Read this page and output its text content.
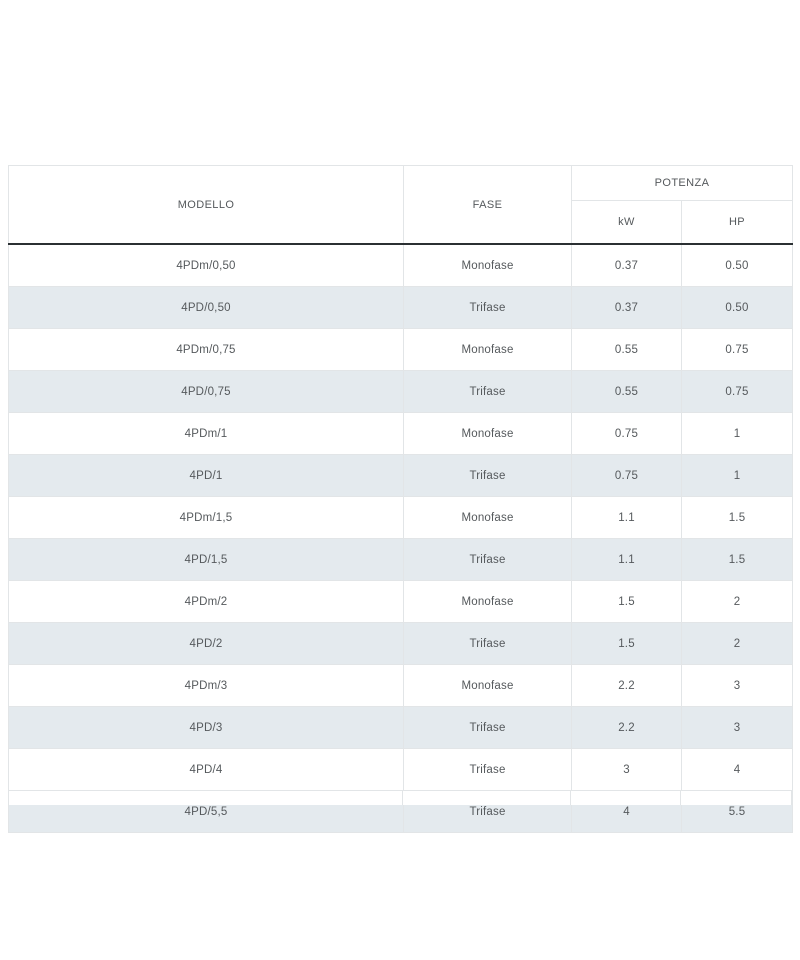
MODELLO	FASE	POTENZA	
		kW	HP
4PDm/0,50	Monofase	0.37	0.50
4PD/0,50	Trifase	0.37	0.50
4PDm/0,75	Monofase	0.55	0.75
4PD/0,75	Trifase	0.55	0.75
4PDm/1	Monofase	0.75	1
4PD/1	Trifase	0.75	1
4PDm/1,5	Monofase	1.1	1.5
4PD/1,5	Trifase	1.1	1.5
4PDm/2	Monofase	1.5	2
4PD/2	Trifase	1.5	2
4PDm/3	Monofase	2.2	3
4PD/3	Trifase	2.2	3
4PD/4	Trifase	3	4
4PD/5,5	Trifase	4	5.5
